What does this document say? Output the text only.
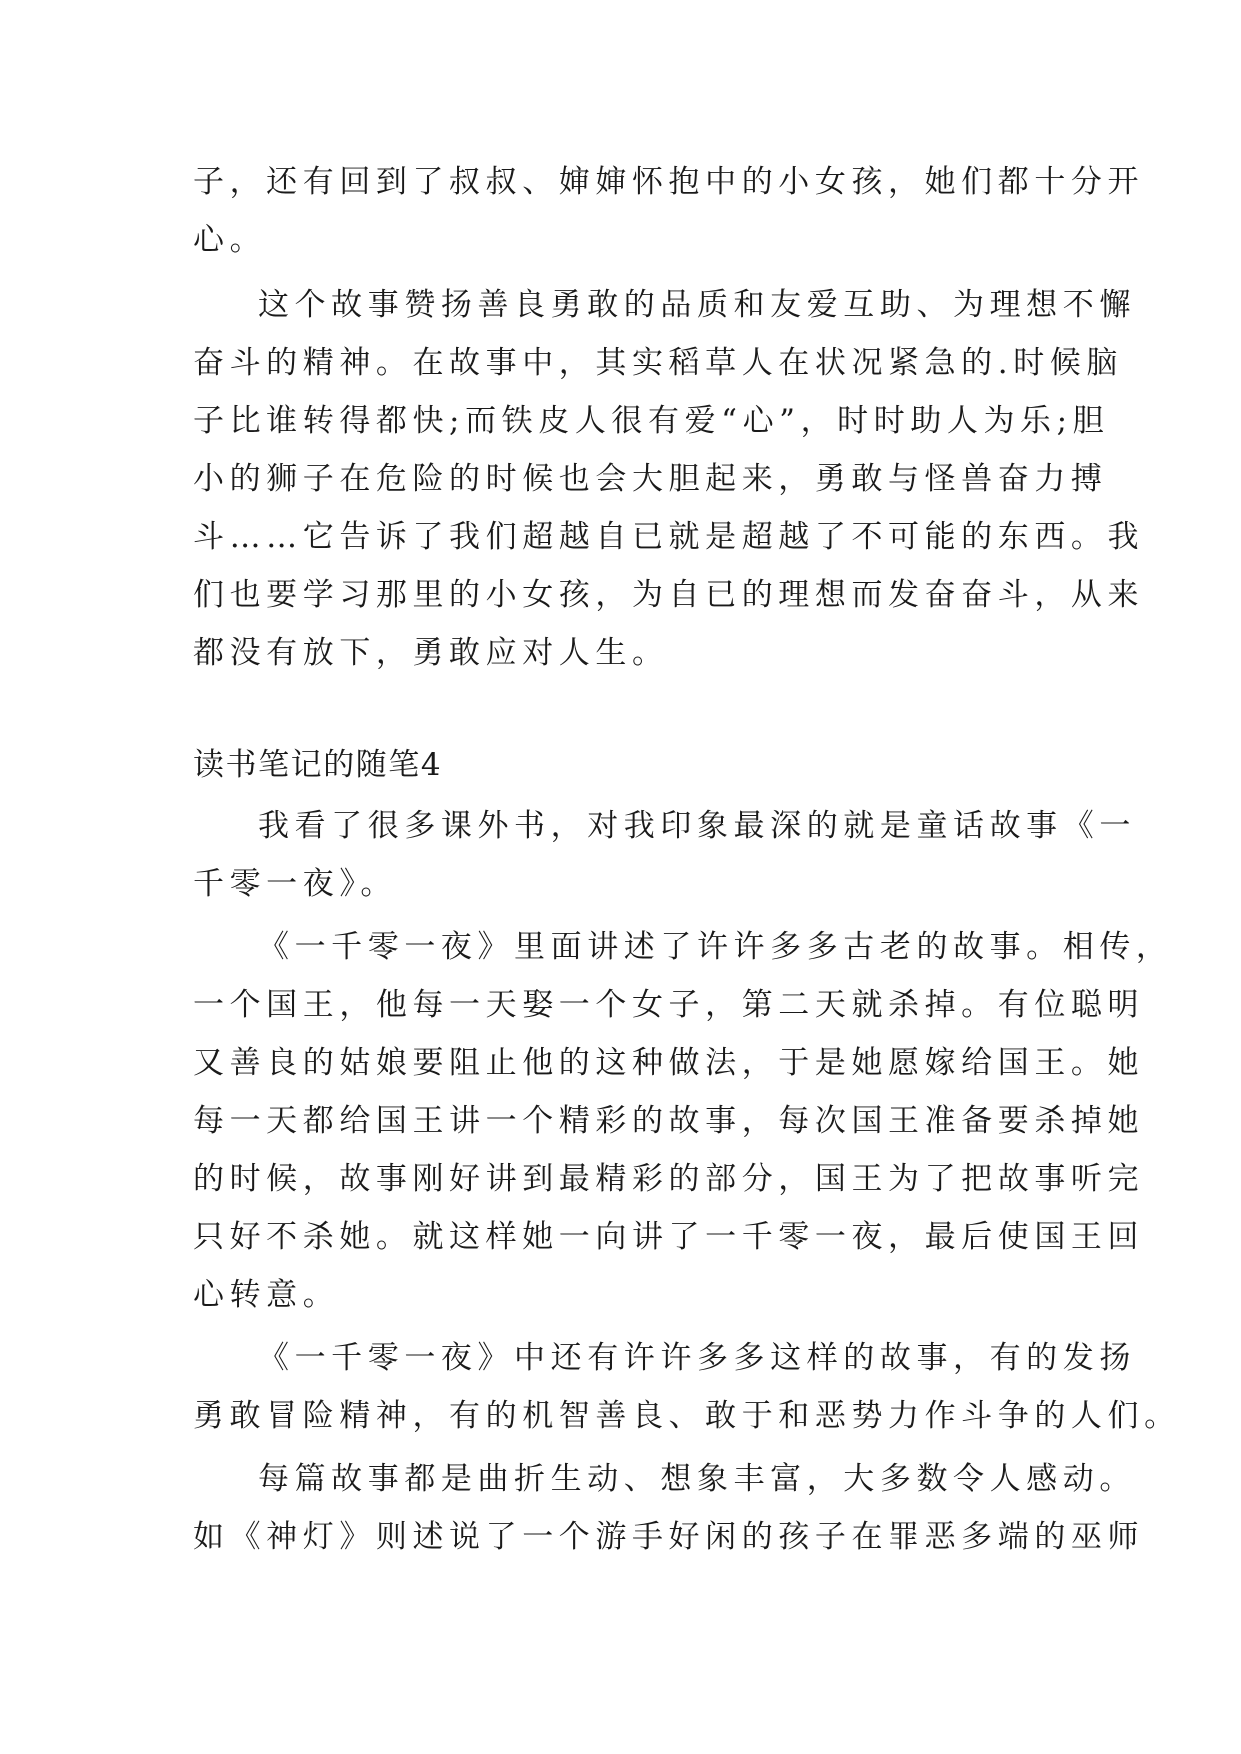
子，还有回到了叔叔、婶婶怀抱中的小女孩，她们都十分开
心。
这个故事赞扬善良勇敢的品质和友爱互助、为理想不懈
奋斗的精神。在故事中，其实稻草人在状况紧急的.时候脑
子比谁转得都快;而铁皮人很有爱“心”，时时助人为乐;胆
小的狮子在危险的时候也会大胆起来，勇敢与怪兽奋力搏
斗……它告诉了我们超越自已就是超越了不可能的东西。我
们也要学习那里的小女孩，为自已的理想而发奋奋斗，从来
都没有放下，勇敢应对人生。
读书笔记的随笔4
我看了很多课外书，对我印象最深的就是童话故事《一
千零一夜》。
《一千零一夜》里面讲述了许许多多古老的故事。相传，
一个国王，他每一天娶一个女子，第二天就杀掉。有位聪明
又善良的姑娘要阻止他的这种做法，于是她愿嫁给国王。她
每一天都给国王讲一个精彩的故事，每次国王准备要杀掉她
的时候，故事刚好讲到最精彩的部分，国王为了把故事听完
只好不杀她。就这样她一向讲了一千零一夜，最后使国王回
心转意。
《一千零一夜》中还有许许多多这样的故事，有的发扬
勇敢冒险精神，有的机智善良、敢于和恶势力作斗争的人们。
每篇故事都是曲折生动、想象丰富，大多数令人感动。
如《神灯》则述说了一个游手好闲的孩子在罪恶多端的巫师
